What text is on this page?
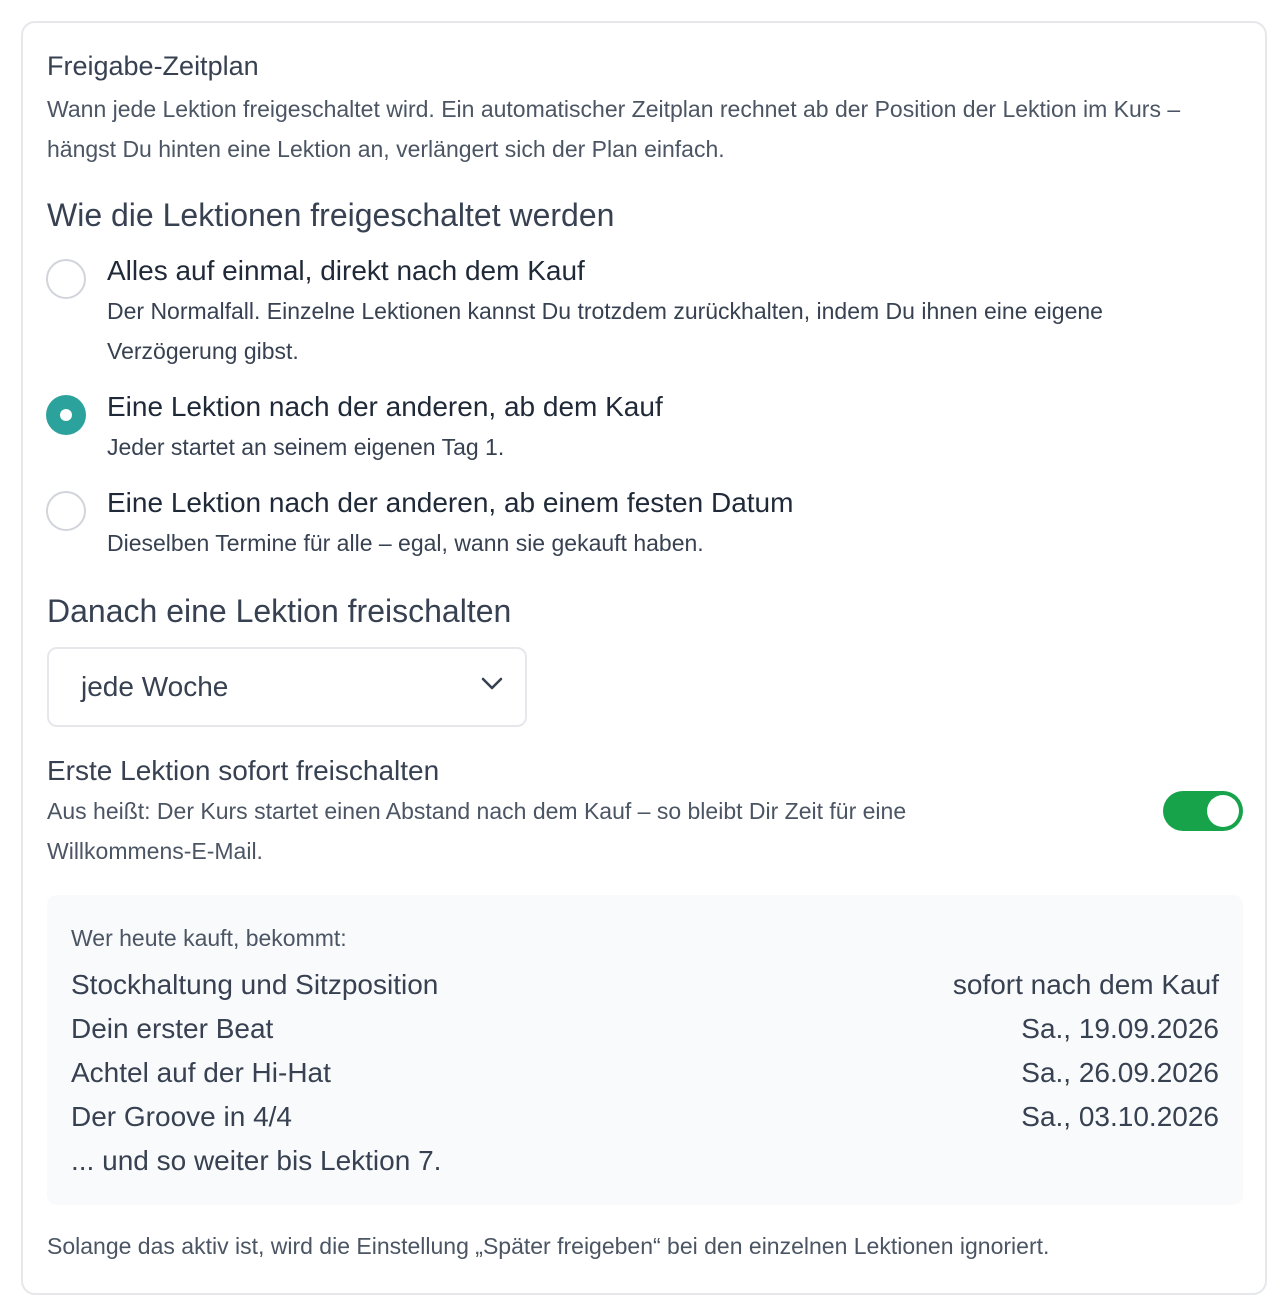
Freigabe-Zeitplan
Wann jede Lektion freigeschaltet wird. Ein automatischer Zeitplan rechnet ab der Position der Lektion im Kurs – hängst Du hinten eine Lektion an, verlängert sich der Plan einfach.
Wie die Lektionen freigeschaltet werden
Alles auf einmal, direkt nach dem Kauf
Der Normalfall. Einzelne Lektionen kannst Du trotzdem zurückhalten, indem Du ihnen eine eigene Verzögerung gibst.
Eine Lektion nach der anderen, ab dem Kauf
Jeder startet an seinem eigenen Tag 1.
Eine Lektion nach der anderen, ab einem festen Datum
Dieselben Termine für alle – egal, wann sie gekauft haben.
Danach eine Lektion freischalten
jede Woche
Erste Lektion sofort freischalten
Aus heißt: Der Kurs startet einen Abstand nach dem Kauf – so bleibt Dir Zeit für eine Willkommens-E-Mail.
Wer heute kauft, bekommt:
Stockhaltung und Sitzposition	sofort nach dem Kauf
Dein erster Beat	Sa., 19.09.2026
Achtel auf der Hi-Hat	Sa., 26.09.2026
Der Groove in 4/4	Sa., 03.10.2026
... und so weiter bis Lektion 7.
Solange das aktiv ist, wird die Einstellung „Später freigeben“ bei den einzelnen Lektionen ignoriert.
